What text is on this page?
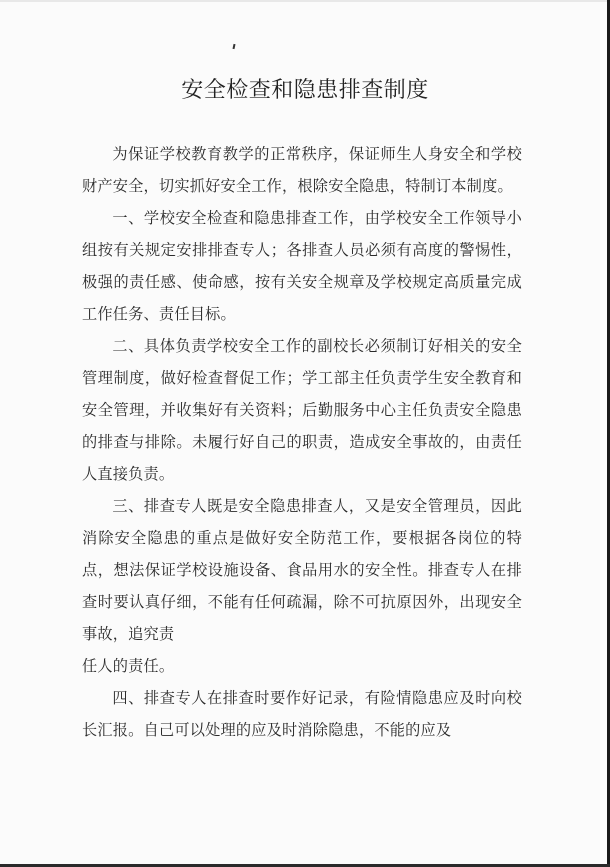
安全检查和隐患排查制度

为保证学校教育教学的正常秩序，保证师生人身安全和学校财产安全，切实抓好安全工作，根除安全隐患，特制订本制度。

一、学校安全检查和隐患排查工作，由学校安全工作领导小组按有关规定安排排查专人；各排查人员必须有高度的警惕性，极强的责任感、使命感，按有关安全规章及学校规定高质量完成工作任务、责任目标。

二、具体负责学校安全工作的副校长必须制订好相关的安全管理制度，做好检查督促工作；学工部主任负责学生安全教育和安全管理，并收集好有关资料；后勤服务中心主任负责安全隐患的排查与排除。未履行好自己的职责，造成安全事故的，由责任人直接负责。

三、排查专人既是安全隐患排查人，又是安全管理员，因此消除安全隐患的重点是做好安全防范工作，要根据各岗位的特点，想法保证学校设施设备、食品用水的安全性。排查专人在排查时要认真仔细，不能有任何疏漏，除不可抗原因外，出现安全事故，追究责

任人的责任。

四、排查专人在排查时要作好记录，有险情隐患应及时向校长汇报。自己可以处理的应及时消除隐患，不能的应及
